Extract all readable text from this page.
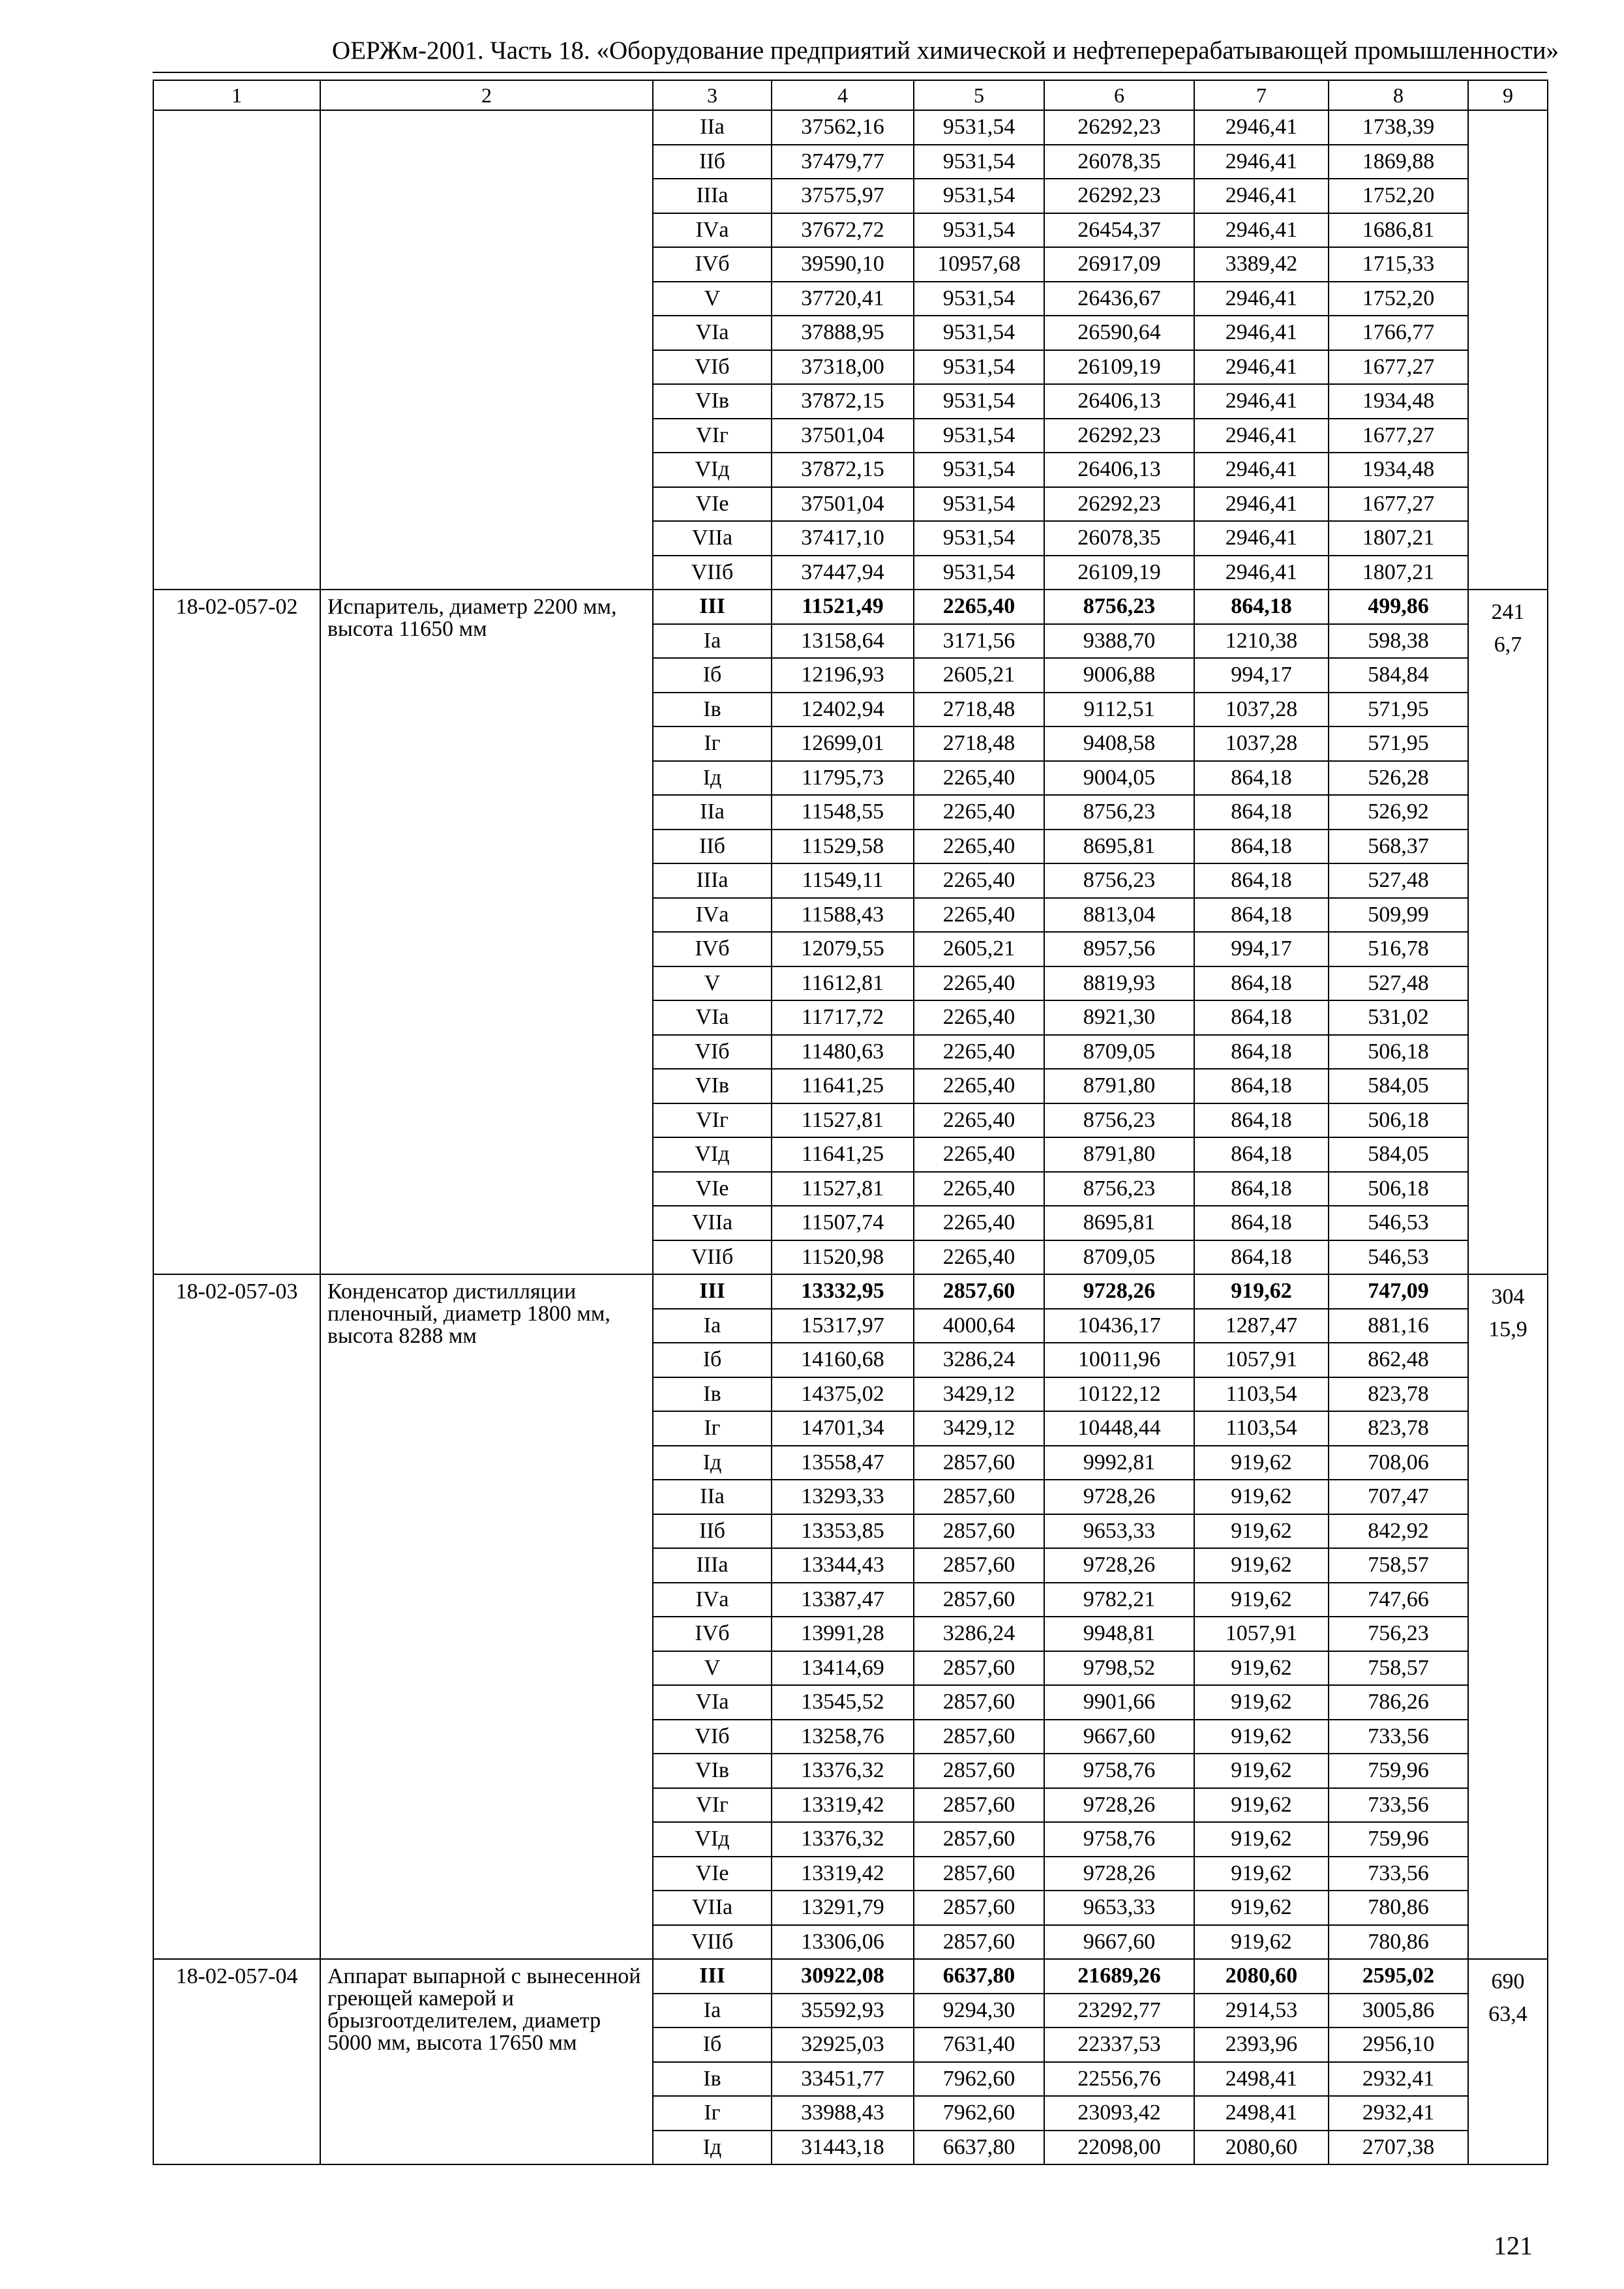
ОЕРЖм-2001. Часть 18. «Оборудование предприятий химической и нефтеперерабатывающей промышленности»
1	2	3	4	5	6	7	8	9
		IIа	37562,16	9531,54	26292,23	2946,41	1738,39	
		IIб	37479,77	9531,54	26078,35	2946,41	1869,88	
		IIIа	37575,97	9531,54	26292,23	2946,41	1752,20	
		IVа	37672,72	9531,54	26454,37	2946,41	1686,81	
		IVб	39590,10	10957,68	26917,09	3389,42	1715,33	
		V	37720,41	9531,54	26436,67	2946,41	1752,20	
		VIа	37888,95	9531,54	26590,64	2946,41	1766,77	
		VIб	37318,00	9531,54	26109,19	2946,41	1677,27	
		VIв	37872,15	9531,54	26406,13	2946,41	1934,48	
		VIг	37501,04	9531,54	26292,23	2946,41	1677,27	
		VIд	37872,15	9531,54	26406,13	2946,41	1934,48	
		VIе	37501,04	9531,54	26292,23	2946,41	1677,27	
		VIIа	37417,10	9531,54	26078,35	2946,41	1807,21	
		VIIб	37447,94	9531,54	26109,19	2946,41	1807,21	
18-02-057-02	Испаритель, диаметр 2200 мм, высота 11650 мм	III	11521,49	2265,40	8756,23	864,18	499,86	241
6,7
		Iа	13158,64	3171,56	9388,70	1210,38	598,38	
		Iб	12196,93	2605,21	9006,88	994,17	584,84	
		Iв	12402,94	2718,48	9112,51	1037,28	571,95	
		Iг	12699,01	2718,48	9408,58	1037,28	571,95	
		Iд	11795,73	2265,40	9004,05	864,18	526,28	
		IIа	11548,55	2265,40	8756,23	864,18	526,92	
		IIб	11529,58	2265,40	8695,81	864,18	568,37	
		IIIа	11549,11	2265,40	8756,23	864,18	527,48	
		IVа	11588,43	2265,40	8813,04	864,18	509,99	
		IVб	12079,55	2605,21	8957,56	994,17	516,78	
		V	11612,81	2265,40	8819,93	864,18	527,48	
		VIа	11717,72	2265,40	8921,30	864,18	531,02	
		VIб	11480,63	2265,40	8709,05	864,18	506,18	
		VIв	11641,25	2265,40	8791,80	864,18	584,05	
		VIг	11527,81	2265,40	8756,23	864,18	506,18	
		VIд	11641,25	2265,40	8791,80	864,18	584,05	
		VIе	11527,81	2265,40	8756,23	864,18	506,18	
		VIIа	11507,74	2265,40	8695,81	864,18	546,53	
		VIIб	11520,98	2265,40	8709,05	864,18	546,53	
18-02-057-03	Конденсатор дистилляции пленочный, диаметр 1800 мм, высота 8288 мм	III	13332,95	2857,60	9728,26	919,62	747,09	304
15,9
		Iа	15317,97	4000,64	10436,17	1287,47	881,16	
		Iб	14160,68	3286,24	10011,96	1057,91	862,48	
		Iв	14375,02	3429,12	10122,12	1103,54	823,78	
		Iг	14701,34	3429,12	10448,44	1103,54	823,78	
		Iд	13558,47	2857,60	9992,81	919,62	708,06	
		IIа	13293,33	2857,60	9728,26	919,62	707,47	
		IIб	13353,85	2857,60	9653,33	919,62	842,92	
		IIIа	13344,43	2857,60	9728,26	919,62	758,57	
		IVа	13387,47	2857,60	9782,21	919,62	747,66	
		IVб	13991,28	3286,24	9948,81	1057,91	756,23	
		V	13414,69	2857,60	9798,52	919,62	758,57	
		VIа	13545,52	2857,60	9901,66	919,62	786,26	
		VIб	13258,76	2857,60	9667,60	919,62	733,56	
		VIв	13376,32	2857,60	9758,76	919,62	759,96	
		VIг	13319,42	2857,60	9728,26	919,62	733,56	
		VIд	13376,32	2857,60	9758,76	919,62	759,96	
		VIе	13319,42	2857,60	9728,26	919,62	733,56	
		VIIа	13291,79	2857,60	9653,33	919,62	780,86	
		VIIб	13306,06	2857,60	9667,60	919,62	780,86	
18-02-057-04	Аппарат выпарной с вынесенной греющей камерой и брызгоотделителем, диаметр 5000 мм, высота 17650 мм	III	30922,08	6637,80	21689,26	2080,60	2595,02	690
63,4
		Iа	35592,93	9294,30	23292,77	2914,53	3005,86	
		Iб	32925,03	7631,40	22337,53	2393,96	2956,10	
		Iв	33451,77	7962,60	22556,76	2498,41	2932,41	
		Iг	33988,43	7962,60	23093,42	2498,41	2932,41	
		Iд	31443,18	6637,80	22098,00	2080,60	2707,38	
121
